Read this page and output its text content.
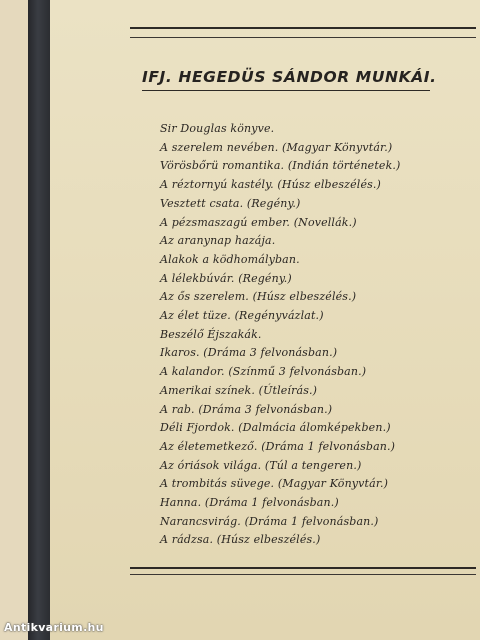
IFJ. HEGEDÜS SÁNDOR MUNKÁI.
Sir Douglas könyve.
A szerelem nevében. (Magyar Könyvtár.)
Vörösbőrü romantika. (Indián történetek.)
A réztornyú kastély. (Húsz elbeszélés.)
Vesztett csata. (Regény.)
A pézsmaszagú ember. (Novellák.)
Az aranynap hazája.
Alakok a ködhomályban.
A lélekbúvár. (Regény.)
Az ős szerelem. (Húsz elbeszélés.)
Az élet tüze. (Regényvázlat.)
Beszélő Éjszakák.
Ikaros. (Dráma 3 felvonásban.)
A kalandor. (Színmű 3 felvonásban.)
Amerikai színek. (Útleírás.)
A rab. (Dráma 3 felvonásban.)
Déli Fjordok. (Dalmácia álomképekben.)
Az életemetkező. (Dráma 1 felvonásban.)
Az óriások világa. (Túl a tengeren.)
A trombitás süvege. (Magyar Könyvtár.)
Hanna. (Dráma 1 felvonásban.)
Narancsvirág. (Dráma 1 felvonásban.)
A rádzsa. (Húsz elbeszélés.)
Antikvarium.hu
